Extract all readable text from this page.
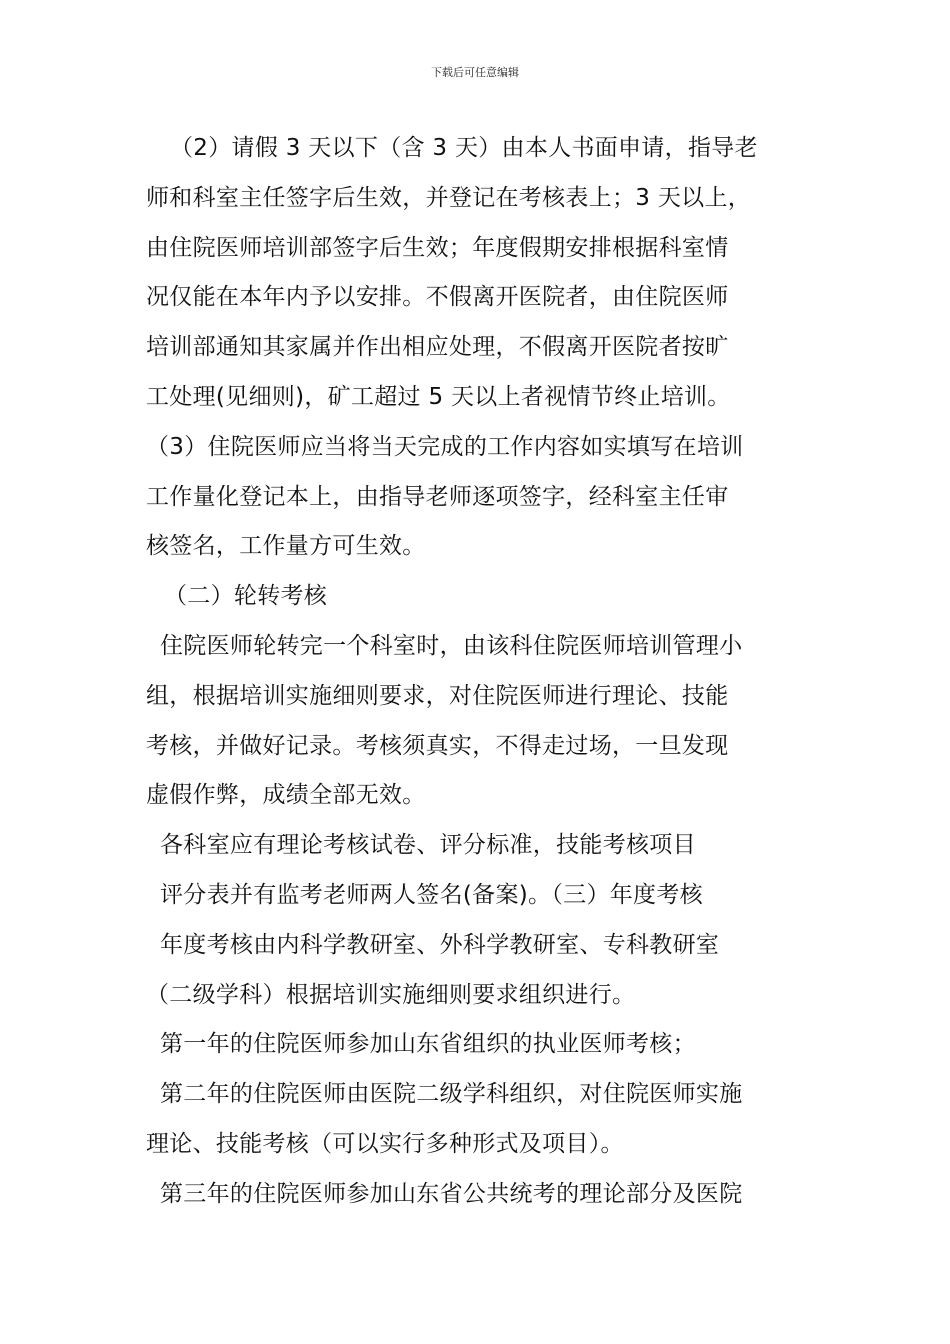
下载后可任意编辑
（2）请假 3 天以下（含 3 天）由本人书面申请，指导老
师和科室主任签字后生效，并登记在考核表上；3 天以上，
由住院医师培训部签字后生效；年度假期安排根据科室情
况仅能在本年内予以安排。不假离开医院者，由住院医师
培训部通知其家属并作出相应处理，不假离开医院者按旷
工处理(见细则)，矿工超过 5 天以上者视情节终止培训。
（3）住院医师应当将当天完成的工作内容如实填写在培训
工作量化登记本上，由指导老师逐项签字，经科室主任审
核签名，工作量方可生效。
（二）轮转考核
住院医师轮转完一个科室时，由该科住院医师培训管理小
组，根据培训实施细则要求，对住院医师进行理论、技能
考核，并做好记录。考核须真实，不得走过场，一旦发现
虚假作弊，成绩全部无效。
各科室应有理论考核试卷、评分标准，技能考核项目
评分表并有监考老师两人签名(备案)。（三）年度考核
年度考核由内科学教研室、外科学教研室、专科教研室
（二级学科）根据培训实施细则要求组织进行。
第一年的住院医师参加山东省组织的执业医师考核；
第二年的住院医师由医院二级学科组织，对住院医师实施
理论、技能考核（可以实行多种形式及项目）。
第三年的住院医师参加山东省公共统考的理论部分及医院
